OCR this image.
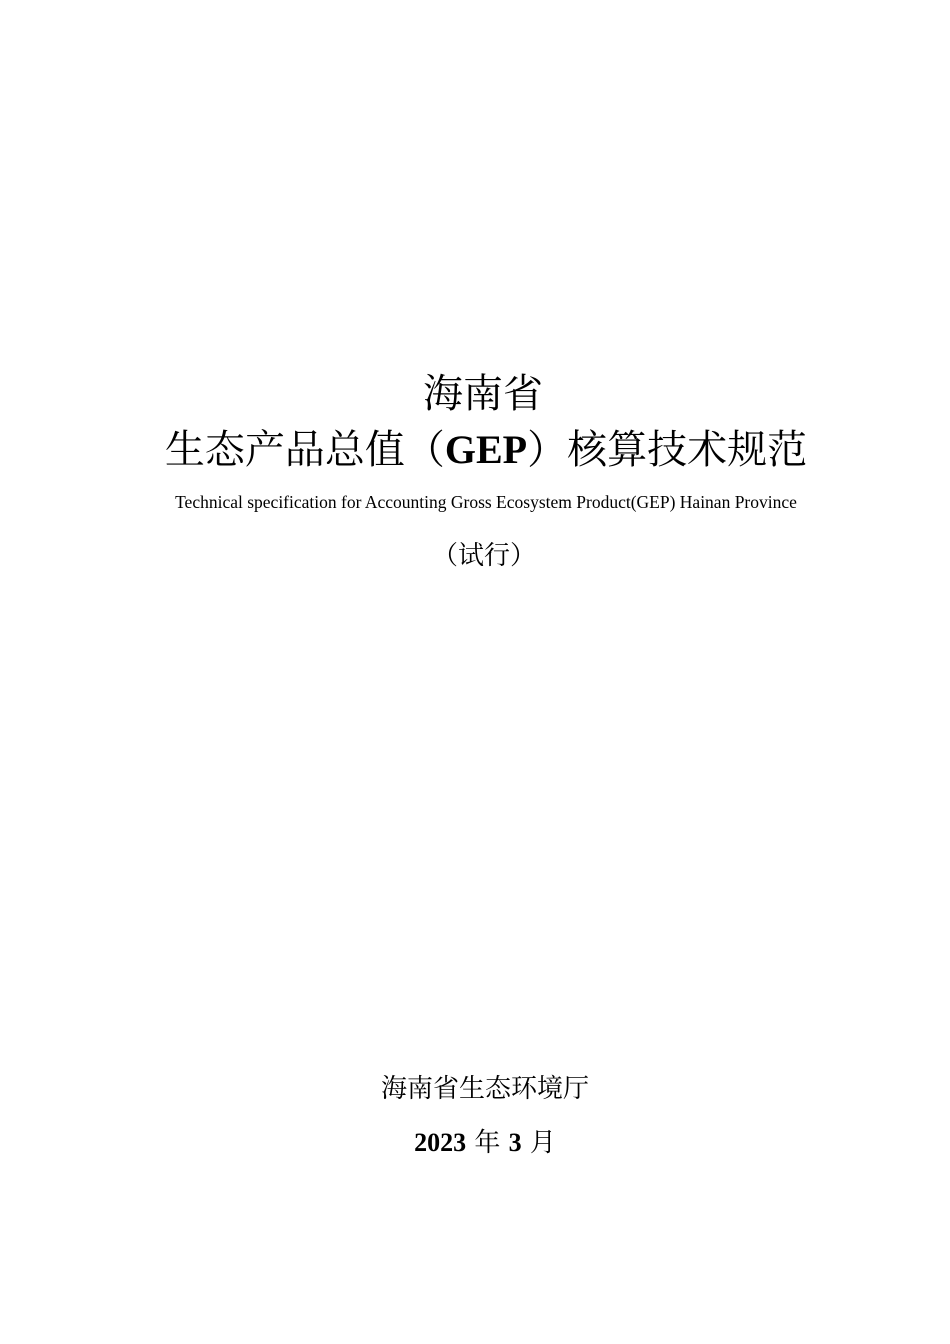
海南省
生态产品总值（GEP）核算技术规范

Technical specification for Accounting Gross Ecosystem Product(GEP) Hainan Province

（试行）

海南省生态环境厅

2023 年 3 月
